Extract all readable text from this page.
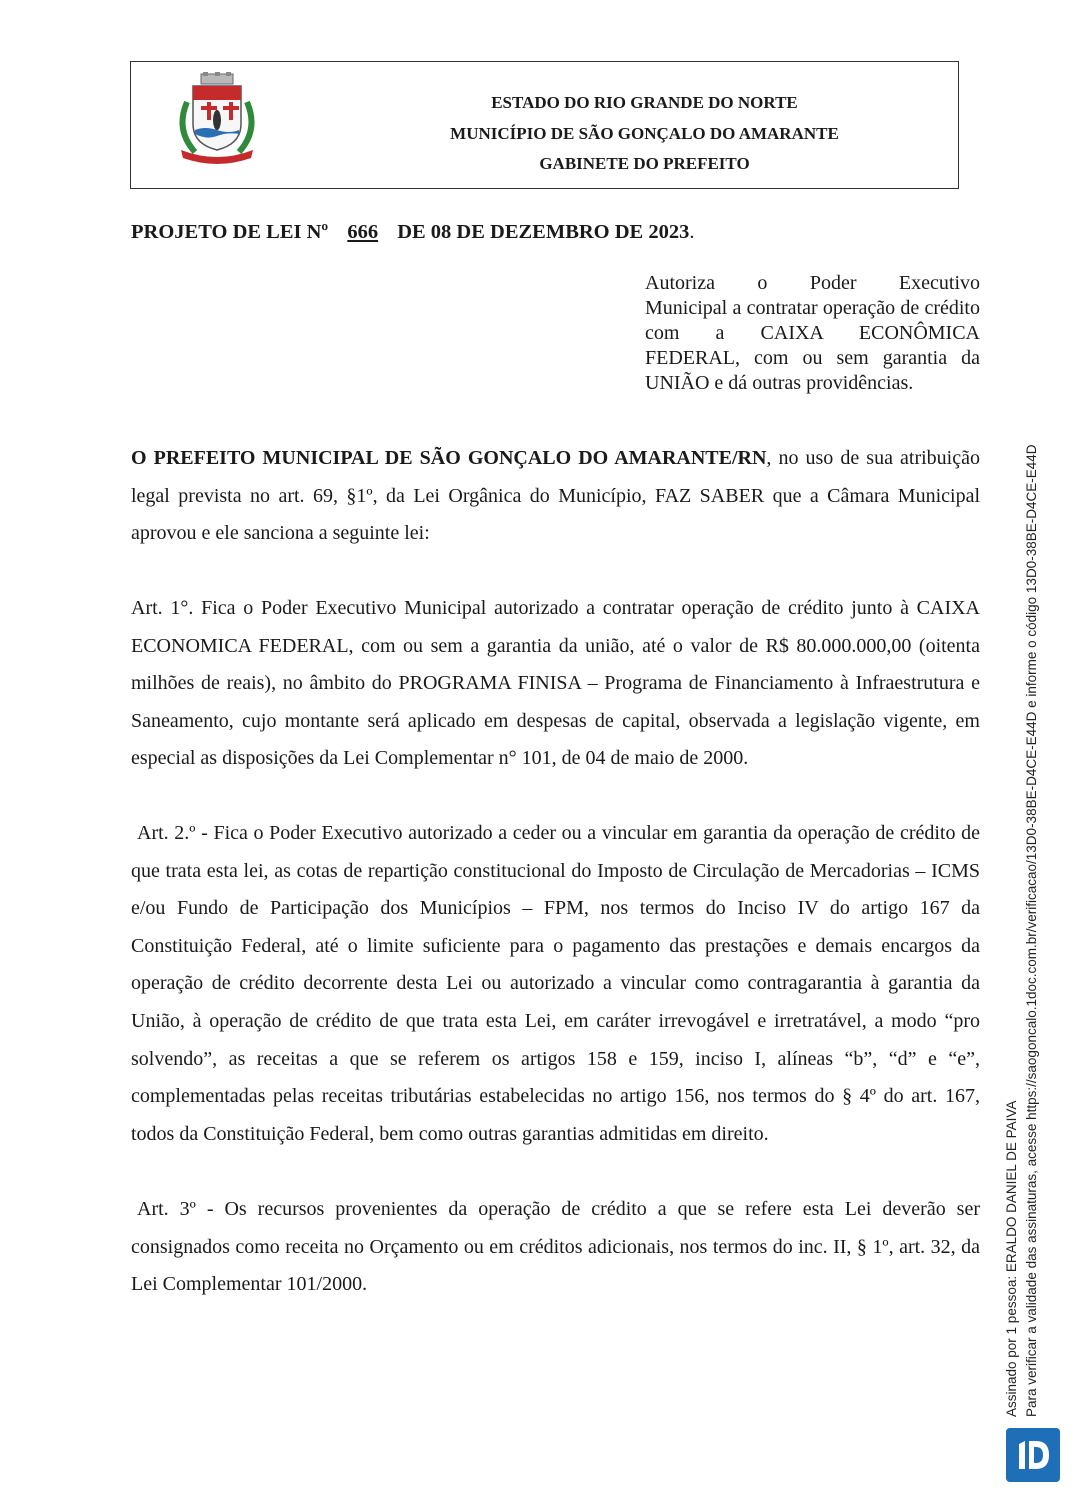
ESTADO DO RIO GRANDE DO NORTE
MUNICÍPIO DE SÃO GONÇALO DO AMARANTE
GABINETE DO PREFEITO
PROJETO DE LEI Nº 666 DE 08 DE DEZEMBRO DE 2023.
Autoriza o Poder Executivo
Municipal a contratar operação de crédito com a CAIXA ECONÔMICA FEDERAL, com ou sem garantia da UNIÃO e dá outras providências.
O PREFEITO MUNICIPAL DE SÃO GONÇALO DO AMARANTE/RN, no uso de sua atribuição legal prevista no art. 69, §1º, da Lei Orgânica do Município, FAZ SABER que a Câmara Municipal aprovou e ele sanciona a seguinte lei:
Art. 1°. Fica o Poder Executivo Municipal autorizado a contratar operação de crédito junto à CAIXA ECONOMICA FEDERAL, com ou sem a garantia da união, até o valor de R$ 80.000.000,00 (oitenta milhões de reais), no âmbito do PROGRAMA FINISA – Programa de Financiamento à Infraestrutura e Saneamento, cujo montante será aplicado em despesas de capital, observada a legislação vigente, em especial as disposições da Lei Complementar n° 101, de 04 de maio de 2000.
Art. 2.º - Fica o Poder Executivo autorizado a ceder ou a vincular em garantia da operação de crédito de que trata esta lei, as cotas de repartição constitucional do Imposto de Circulação de Mercadorias – ICMS e/ou Fundo de Participação dos Municípios – FPM, nos termos do Inciso IV do artigo 167 da Constituição Federal, até o limite suficiente para o pagamento das prestações e demais encargos da operação de crédito decorrente desta Lei ou autorizado a vincular como contragarantia à garantia da União, à operação de crédito de que trata esta Lei, em caráter irrevogável e irretratável, a modo “pro solvendo”, as receitas a que se referem os artigos 158 e 159, inciso I, alíneas “b”, “d” e “e”, complementadas pelas receitas tributárias estabelecidas no artigo 156, nos termos do § 4º do art. 167, todos da Constituição Federal, bem como outras garantias admitidas em direito.
Art. 3º - Os recursos provenientes da operação de crédito a que se refere esta Lei deverão ser consignados como receita no Orçamento ou em créditos adicionais, nos termos do inc. II, § 1º, art. 32, da Lei Complementar 101/2000.	Assinado por 1 pessoa: ERALDO DANIEL DE PAIVA Para verificar a validade das assinaturas, acesse https://saogoncalo.1doc.com.br/verificacao/13D0-38BE-D4CE-E44D e informe o código 13D0-38BE-D4CE-E44D
